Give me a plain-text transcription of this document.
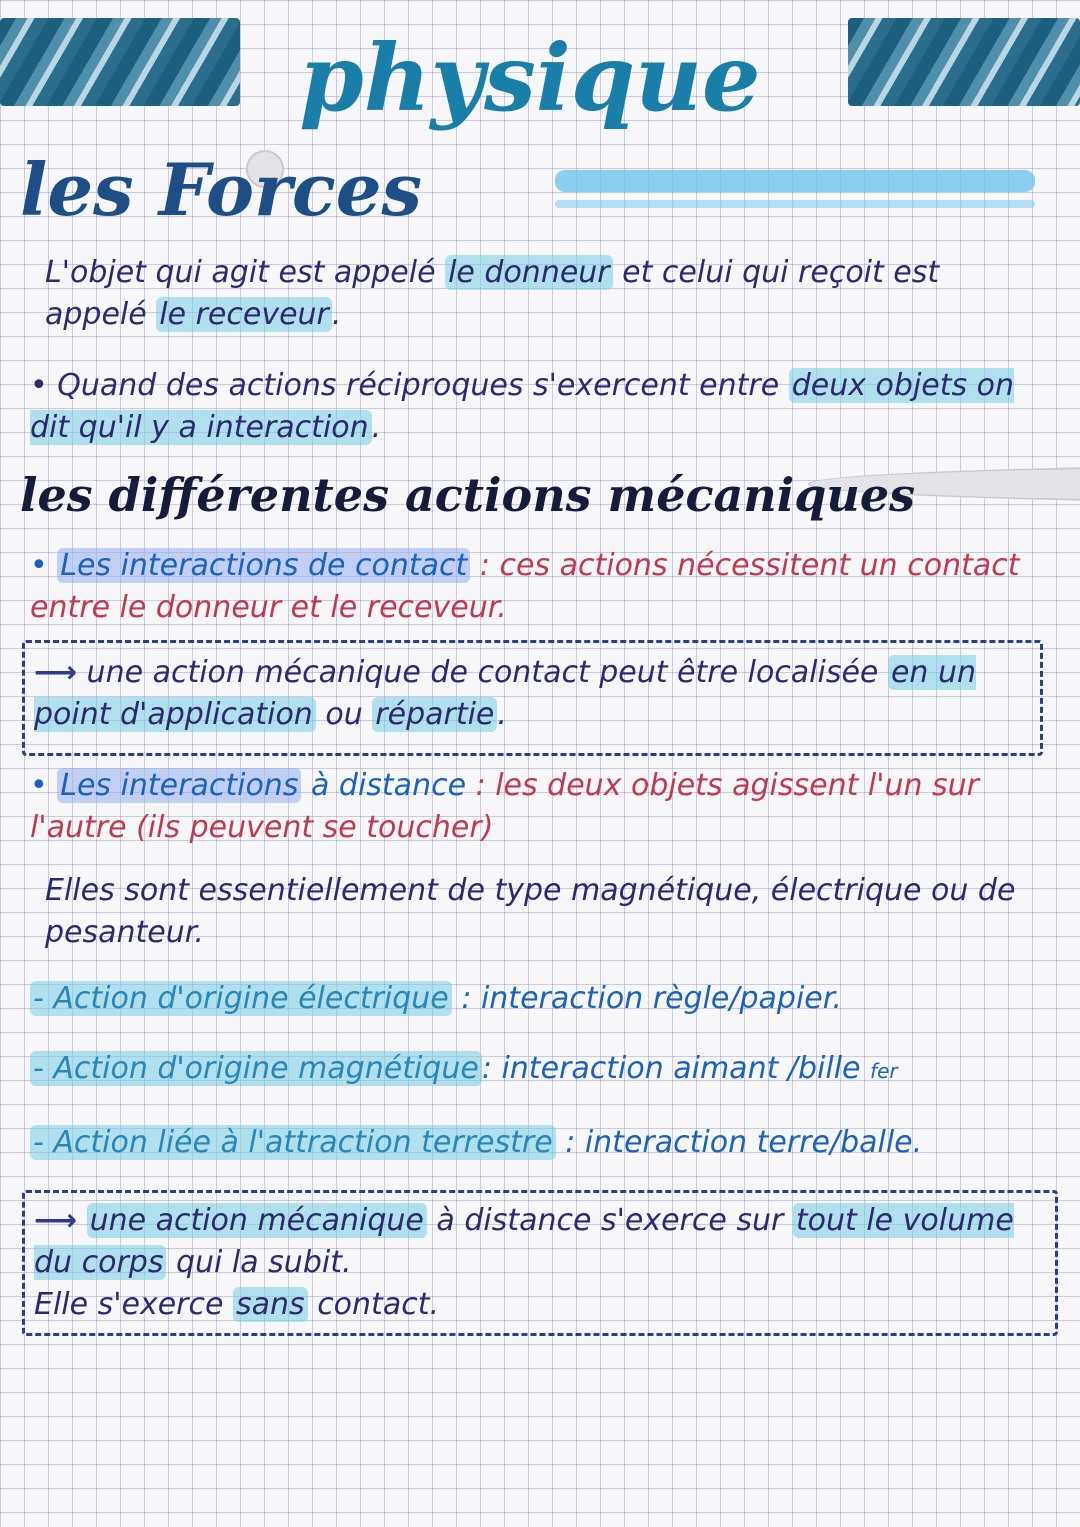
physique
les Forces
L'objet qui agit est appelé le donneur et celui qui reçoit est appelé le receveur .
• Quand des actions réciproques s'exercent entre deux objets on dit qu'il y a interaction .
les différentes actions mécaniques
• Les interactions de contact : ces actions nécessitent un contact entre le donneur et le receveur.
⟶ une action mécanique de contact peut être localisée en un point d'application ou répartie .
• Les interactions à distance : les deux objets agissent l'un sur l'autre (ils peuvent se toucher)
Elles sont essentiellement de type magnétique, électrique ou de pesanteur.
- Action d'origine électrique : interaction règle/papier.
- Action d'origine magnétique : interaction aimant /bille fer
- Action liée à l'attraction terrestre : interaction terre/balle.
⟶ une action mécanique à distance s'exerce sur tout le volume du corps qui la subit.
Elle s'exerce sans contact.
